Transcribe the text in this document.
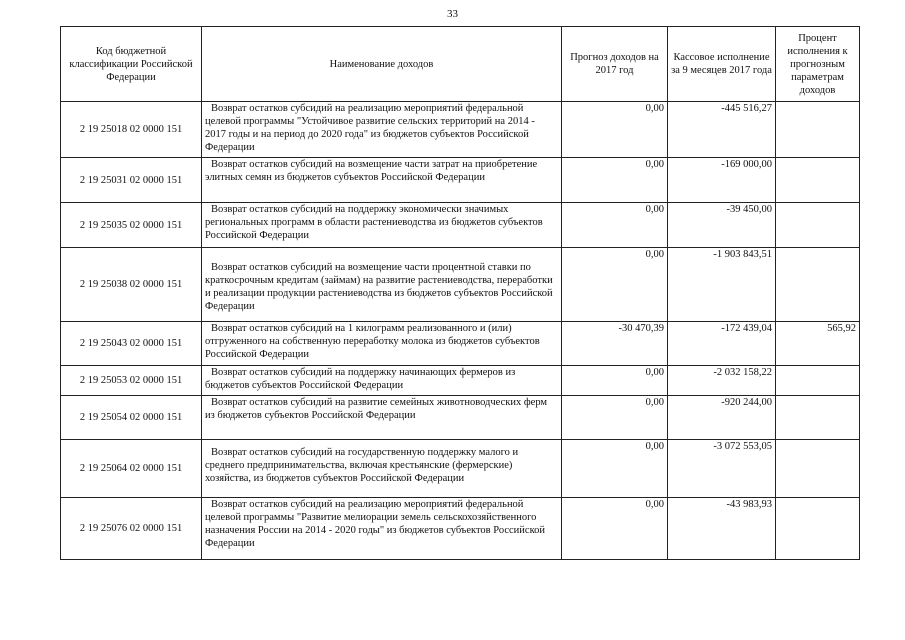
33
Код бюджетной классификации Российской Федерации	Наименование доходов	Прогноз доходов на 2017 год	Кассовое исполнение за 9 месяцев 2017 года	Процент исполнения к прогнозным параметрам доходов
2 19 25018 02 0000 151	Возврат остатков субсидий на реализацию мероприятий федеральной целевой программы "Устойчивое развитие сельских территорий на 2014 - 2017 годы и на период до 2020 года" из бюджетов субъектов Российской Федерации	0,00	-445 516,27	
2 19 25031 02 0000 151	Возврат остатков субсидий на возмещение части затрат на приобретение элитных семян из бюджетов субъектов Российской Федерации	0,00	-169 000,00	
2 19 25035 02 0000 151	Возврат остатков субсидий на поддержку экономически значимых региональных программ в области растениеводства из бюджетов субъектов Российской Федерации	0,00	-39 450,00	
2 19 25038 02 0000 151	Возврат остатков субсидий на возмещение части процентной ставки по краткосрочным кредитам (займам) на развитие растениеводства, переработки и реализации продукции растениеводства из бюджетов субъектов Российской Федерации	0,00	-1 903 843,51	
2 19 25043 02 0000 151	Возврат остатков субсидий на 1 килограмм реализованного и (или) отгруженного на собственную переработку молока из бюджетов субъектов Российской Федерации	-30 470,39	-172 439,04	565,92
2 19 25053 02 0000 151	Возврат остатков субсидий на поддержку начинающих фермеров из бюджетов субъектов Российской Федерации	0,00	-2 032 158,22	
2 19 25054 02 0000 151	Возврат остатков субсидий на развитие семейных животноводческих ферм из бюджетов субъектов Российской Федерации	0,00	-920 244,00	
2 19 25064 02 0000 151	Возврат остатков субсидий на государственную поддержку малого и среднего предпринимательства, включая крестьянские (фермерские) хозяйства, из бюджетов субъектов Российской Федерации	0,00	-3 072 553,05	
2 19 25076 02 0000 151	Возврат остатков субсидий на реализацию мероприятий федеральной целевой программы "Развитие мелиорации земель сельскохозяйственного назначения России на 2014 - 2020 годы" из бюджетов субъектов Российской Федерации	0,00	-43 983,93	
